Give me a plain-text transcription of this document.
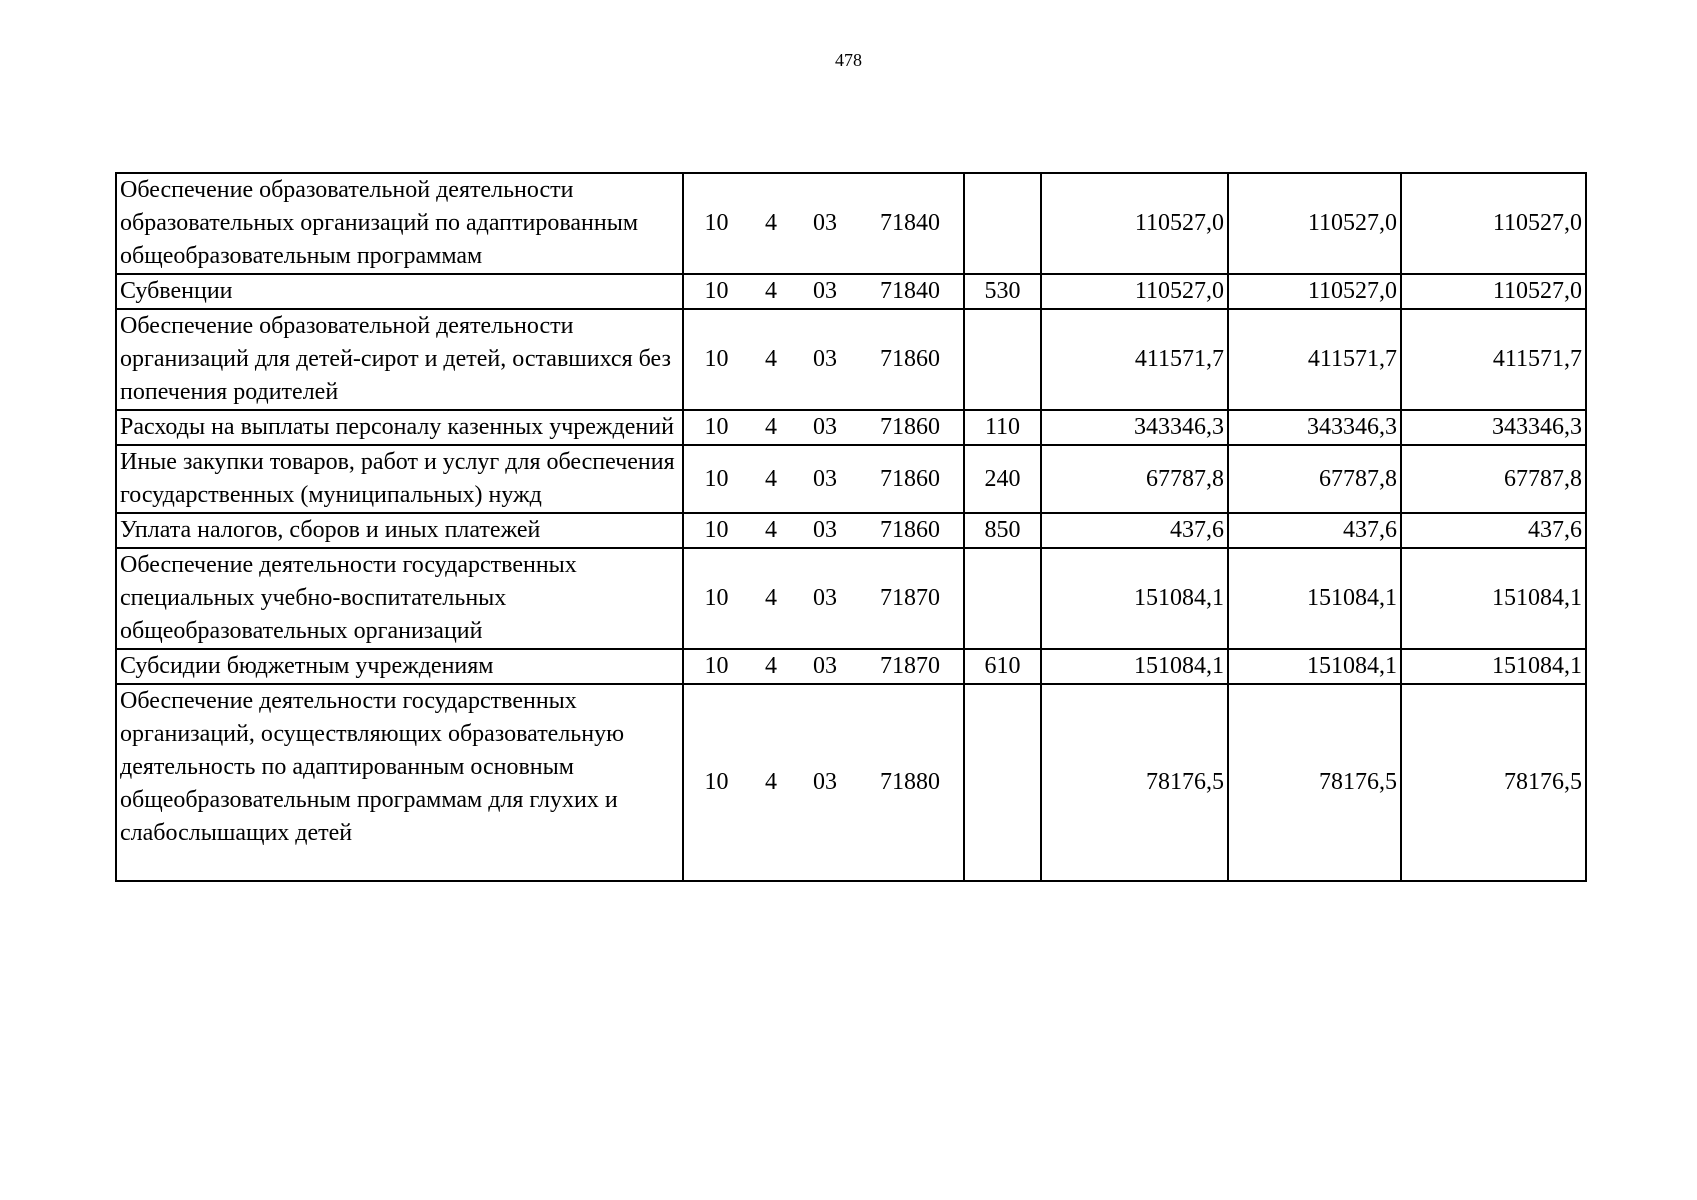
478
Обеспечение образовательной деятельности образовательных организаций по адаптированным общеобразовательным программам	10	4	03	71840		110527,0	110527,0	110527,0
Субвенции	10	4	03	71840	530	110527,0	110527,0	110527,0
Обеспечение образовательной деятельности организаций для детей-сирот и детей, оставшихся без попечения родителей	10	4	03	71860		411571,7	411571,7	411571,7
Расходы на выплаты персоналу казенных учреждений	10	4	03	71860	110	343346,3	343346,3	343346,3
Иные закупки товаров, работ и услуг для обеспечения государственных (муниципальных) нужд	10	4	03	71860	240	67787,8	67787,8	67787,8
Уплата налогов, сборов и иных платежей	10	4	03	71860	850	437,6	437,6	437,6
Обеспечение деятельности государственных специальных учебно-воспитательных общеобразовательных организаций	10	4	03	71870		151084,1	151084,1	151084,1
Субсидии бюджетным учреждениям	10	4	03	71870	610	151084,1	151084,1	151084,1
Обеспечение деятельности государственных организаций, осуществляющих образовательную деятельность по адаптированным основным общеобразовательным программам для глухих и слабослышащих детей	10	4	03	71880		78176,5	78176,5	78176,5
